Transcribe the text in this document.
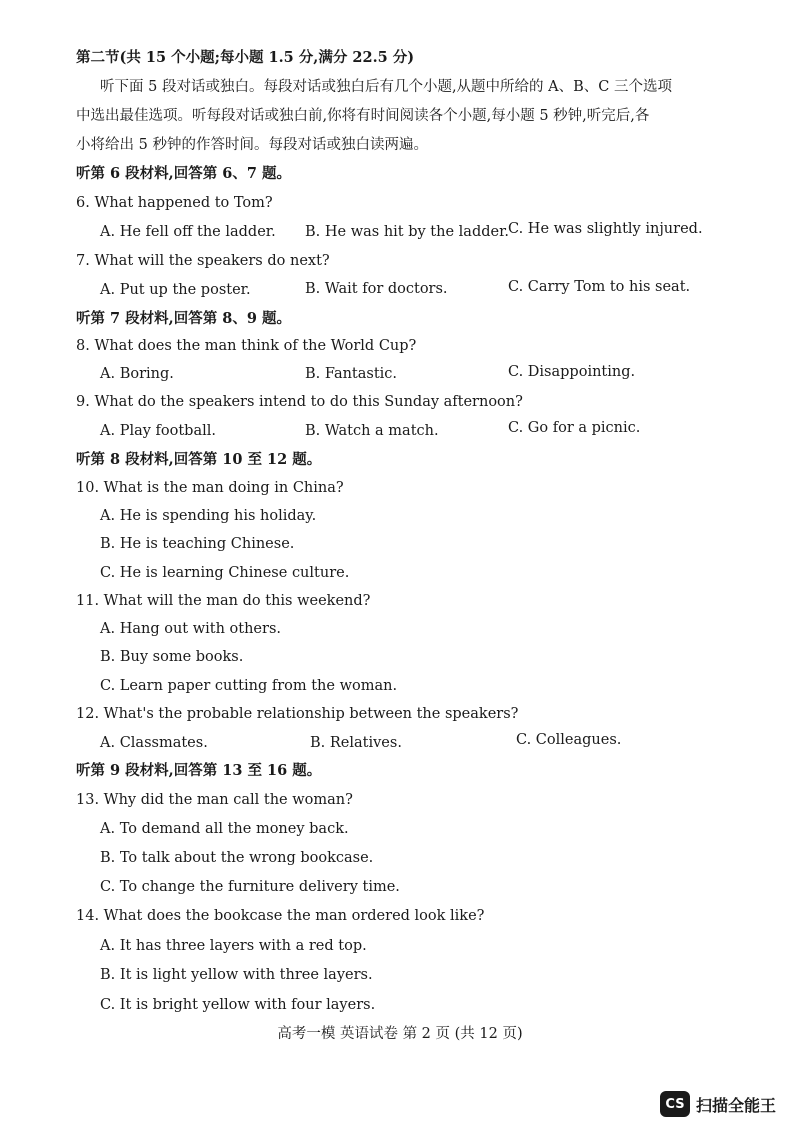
第二节(共 15 个小题;每小题 1.5 分,满分 22.5 分)
听下面 5 段对话或独白。每段对话或独白后有几个小题,从题中所给的 A、B、C 三个选项
中选出最佳选项。听每段对话或独白前,你将有时间阅读各个小题,每小题 5 秒钟,听完后,各
小将给出 5 秒钟的作答时间。每段对话或独白读两遍。
听第 6 段材料,回答第 6、7 题。
6. What happened to Tom?
A. He fell off the ladder. B. He was hit by the ladder.
C. He was slightly injured.
7. What will the speakers do next?
A. Put up the poster.	B. Wait for doctors.	C. Carry Tom to his seat.
听第 7 段材料,回答第 8、9 题。
8. What does the man think of the World Cup?
A. Boring.	B. Fantastic.	C. Disappointing.
9. What do the speakers intend to do this Sunday afternoon?
A. Play football.	B. Watch a match.	C. Go for a picnic.
听第 8 段材料,回答第 10 至 12 题。
10. What is the man doing in China?
A. He is spending his holiday.
B. He is teaching Chinese.
C. He is learning Chinese culture.
11. What will the man do this weekend?
A. Hang out with others.
B. Buy some books.
C. Learn paper cutting from the woman.
12. What's the probable relationship between the speakers?
A. Classmates.	B. Relatives.	C. Colleagues.
听第 9 段材料,回答第 13 至 16 题。
13. Why did the man call the woman?
A. To demand all the money back.
B. To talk about the wrong bookcase.
C. To change the furniture delivery time.
14. What does the bookcase the man ordered look like?
A. It has three layers with a red top.
B. It is light yellow with three layers.
C. It is bright yellow with four layers.
高考一模 英语试卷 第 2 页 (共 12 页)
CS 扫描全能王
